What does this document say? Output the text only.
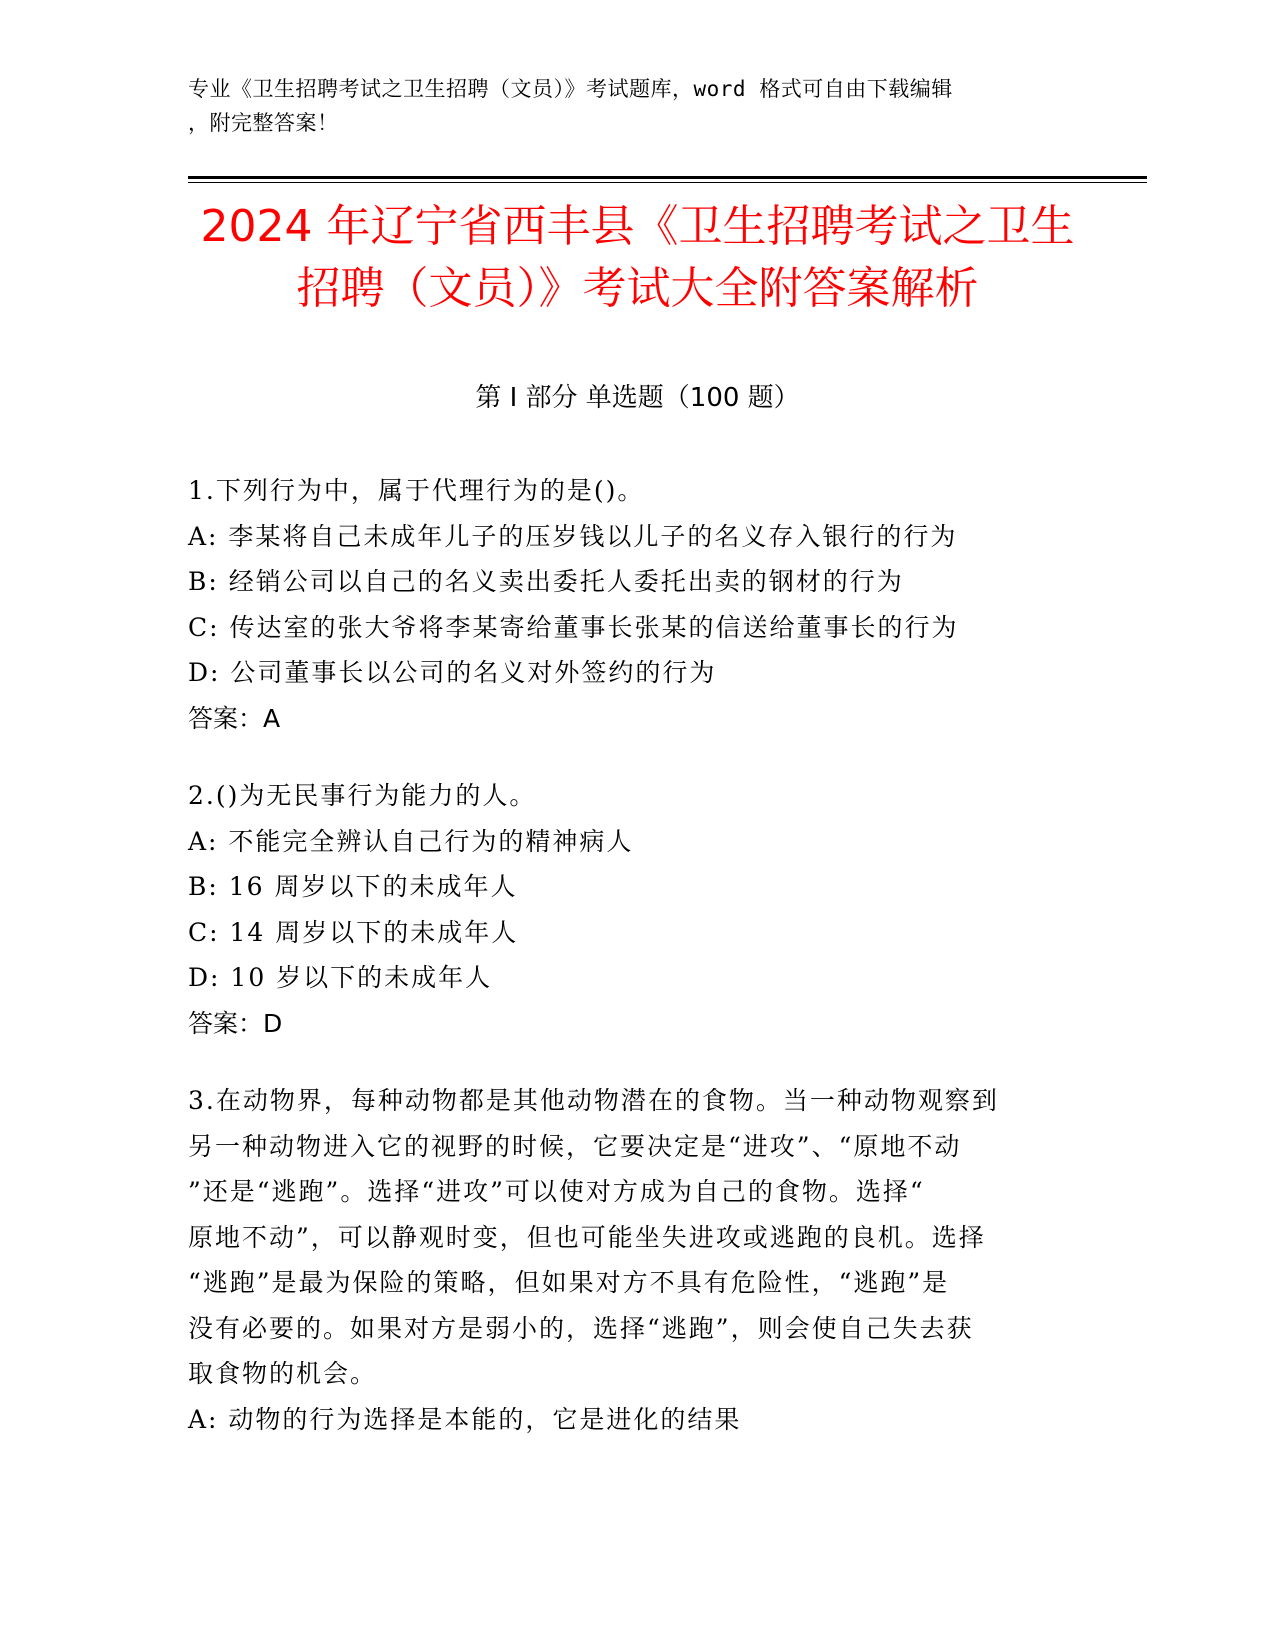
专业《卫生招聘考试之卫生招聘（文员）》考试题库，word 格式可自由下载编辑
，附完整答案！
2024 年辽宁省西丰县《卫生招聘考试之卫生
招聘（文员）》考试大全附答案解析
第 I 部分 单选题（100 题）
1.下列行为中，属于代理行为的是()。
A: 李某将自己未成年儿子的压岁钱以儿子的名义存入银行的行为
B: 经销公司以自己的名义卖出委托人委托出卖的钢材的行为
C: 传达室的张大爷将李某寄给董事长张某的信送给董事长的行为
D: 公司董事长以公司的名义对外签约的行为
答案：A
2.()为无民事行为能力的人。
A: 不能完全辨认自己行为的精神病人
B: 16 周岁以下的未成年人
C: 14 周岁以下的未成年人
D: 10 岁以下的未成年人
答案：D
3.在动物界，每种动物都是其他动物潜在的食物。当一种动物观察到
另一种动物进入它的视野的时候，它要决定是“进攻”、“原地不动
”还是“逃跑”。选择“进攻”可以使对方成为自己的食物。选择“
原地不动”，可以静观时变，但也可能坐失进攻或逃跑的良机。选择
“逃跑”是最为保险的策略，但如果对方不具有危险性，“逃跑”是
没有必要的。如果对方是弱小的，选择“逃跑”，则会使自己失去获
取食物的机会。
A: 动物的行为选择是本能的，它是进化的结果
